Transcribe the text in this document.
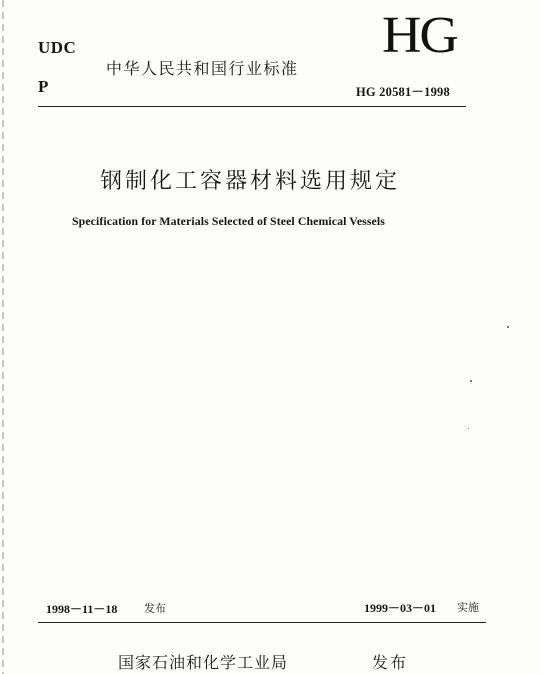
UDC
P
中华人民共和国行业标准
HG
HG 20581－1998
钢制化工容器材料选用规定
Specification for Materials Selected of Steel Chemical Vessels
1998－11－18 发布	1999－03－01 实施
国家石油和化学工业局	发布
